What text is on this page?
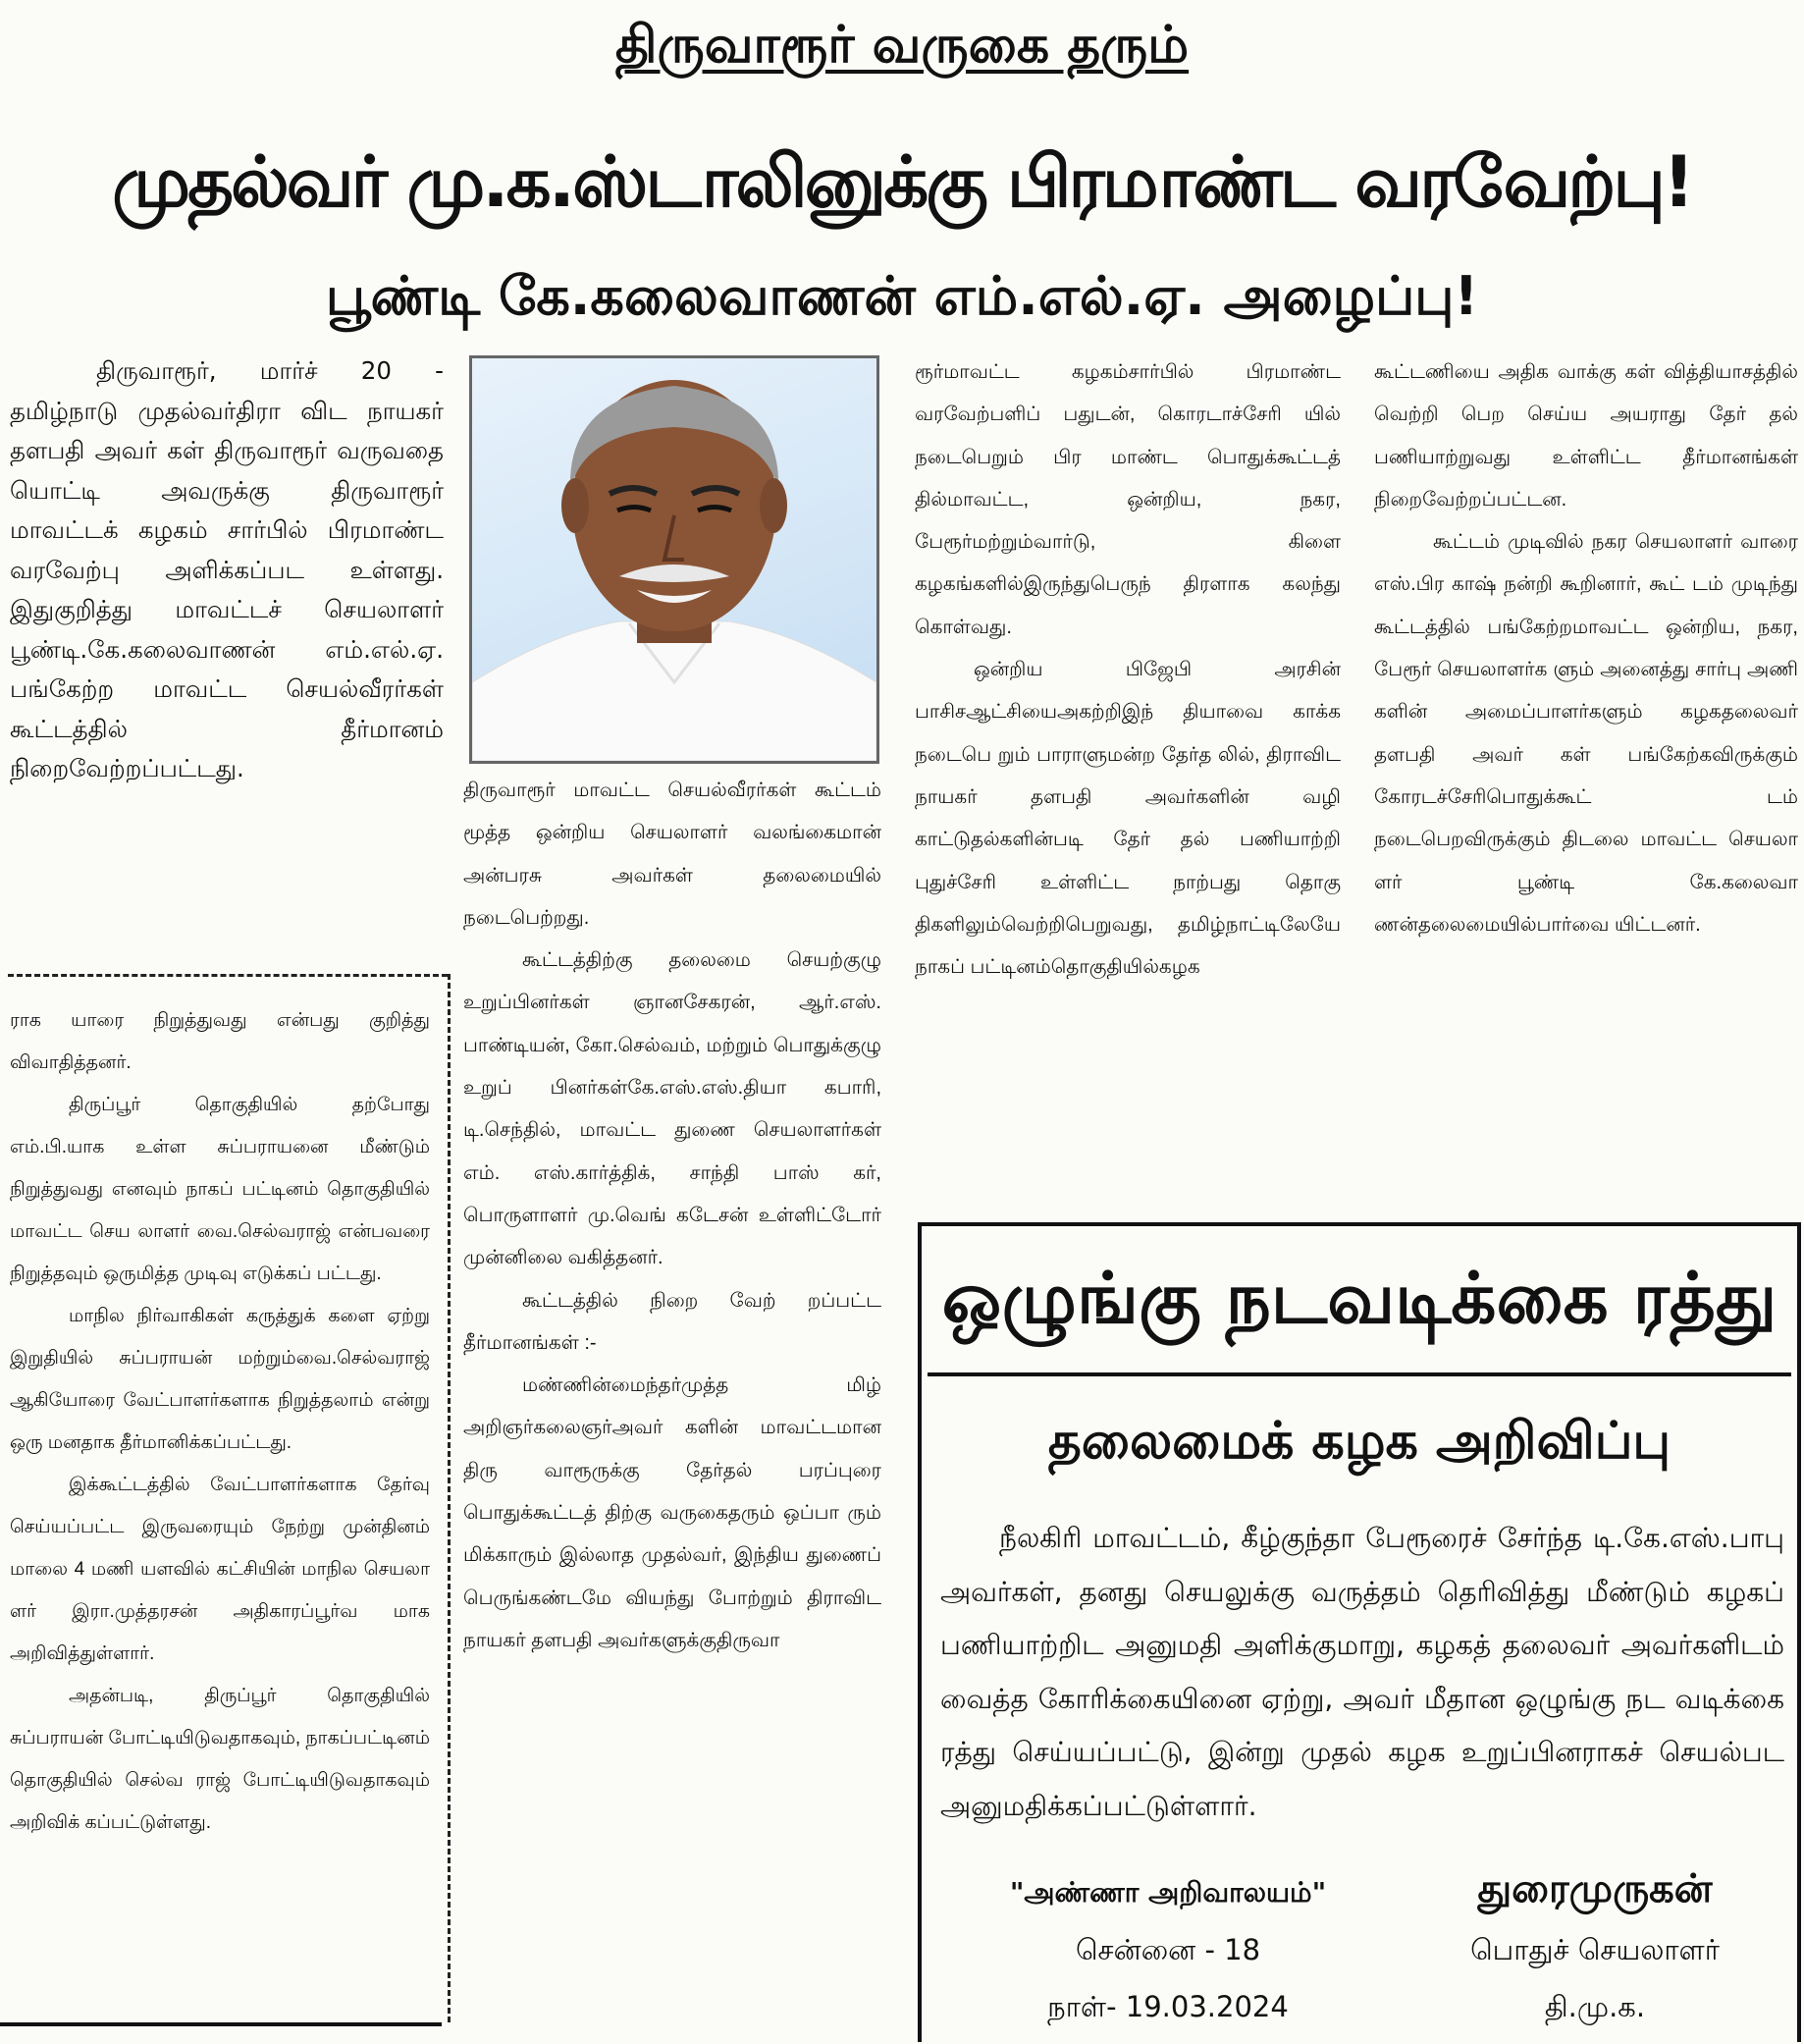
திருவாரூர் வருகை தரும்
முதல்வர் மு.க.ஸ்டாலினுக்கு பிரமாண்ட வரவேற்பு!
பூண்டி கே.கலைவாணன் எம்.எல்.ஏ. அழைப்பு!

திருவாரூர், மார்ச் 20 - தமிழ்நாடு முதல்வர்திரா விட நாயகர் தளபதி அவர் கள் திருவாரூர் வருவதை யொட்டி அவருக்கு திருவாரூர் மாவட்டக் கழகம் சார்பில் பிரமாண்ட வரவேற்பு அளிக்கப்பட உள்ளது. இதுகுறித்து மாவட்டச் செயலாளர் பூண்டி.கே.கலைவாணன் எம்.எல்.ஏ. பங்கேற்ற மாவட்ட செயல்வீரர்கள் கூட்டத்தில் தீர்மானம் நிறைவேற்றப்பட்டது.

திருவாரூர் மாவட்ட செயல்வீரர்கள் கூட்டம் மூத்த ஒன்றிய செயலாளர் வலங்கைமான் அன்பரசு அவர்கள் தலைமையில் நடைபெற்றது.

கூட்டத்திற்கு தலைமை செயற்குழு உறுப்பினர்கள் ஞானசேகரன், ஆர்.எஸ். பாண்டியன், கோ.செல்வம், மற்றும் பொதுக்குழு உறுப் பினர்கள்கே.எஸ்.எஸ்.தியா கபாரி, டி.செந்தில், மாவட்ட துணை செயலாளர்கள் எம். எஸ்.கார்த்திக், சாந்தி பாஸ் கர், பொருளாளர் மு.வெங் கடேசன் உள்ளிட்டோர் முன்னிலை வகித்தனர்.

கூட்டத்தில் நிறை வேற் றப்பட்ட தீர்மானங்கள் :-

மண்ணின்மைந்தர்முத்த மிழ் அறிஞர்கலைஞர்அவர் களின் மாவட்டமான திரு வாரூருக்கு தேர்தல் பரப்புரை பொதுக்கூட்டத் திற்கு வருகைதரும் ஒப்பா ரும் மிக்காரும் இல்லாத முதல்வர், இந்திய துணைப் பெருங்கண்டமே வியந்து போற்றும் திராவிட நாயகர் தளபதி அவர்களுக்குதிருவா

ரூர்மாவட்ட கழகம்சார்பில் பிரமாண்ட வரவேற்பளிப் பதுடன், கொரடாச்சேரி யில் நடைபெறும் பிர மாண்ட பொதுக்கூட்டத் தில்மாவட்ட, ஒன்றிய, நகர, பேரூர்மற்றும்வார்டு, கிளை கழகங்களில்இருந்துபெருந் திரளாக கலந்து கொள்வது.

ஒன்றிய பிஜேபி அரசின் பாசிசஆட்சியைஅகற்றிஇந் தியாவை காக்க நடைபெ றும் பாராளுமன்ற தேர்த லில், திராவிட நாயகர் தளபதி அவர்களின் வழி காட்டுதல்களின்படி தேர் தல் பணியாற்றி புதுச்சேரி உள்ளிட்ட நாற்பது தொகு திகளிலும்வெற்றிபெறுவது, தமிழ்நாட்டிலேயே நாகப் பட்டினம்தொகுதியில்கழக

கூட்டணியை அதிக வாக்கு கள் வித்தியாசத்தில் வெற்றி பெற செய்ய அயராது தேர் தல் பணியாற்றுவது உள்ளிட்ட தீர்மானங்கள் நிறைவேற்றப்பட்டன.

கூட்டம் முடிவில் நகர செயலாளர் வாரை எஸ்.பிர காஷ் நன்றி கூறினார், கூட் டம் முடிந்து கூட்டத்தில் பங்கேற்றமாவட்ட ஒன்றிய, நகர, பேரூர் செயலாளர்க ளும் அனைத்து சார்பு அணி களின் அமைப்பாளர்களும் கழகதலைவர் தளபதி அவர் கள் பங்கேற்கவிருக்கும் கோரடச்சேரிபொதுக்கூட் டம் நடைபெறவிருக்கும் திடலை மாவட்ட செயலா ளர் பூண்டி கே.கலைவா ணன்தலைமையில்பார்வை யிட்டனர்.

ராக யாரை நிறுத்துவது என்பது குறித்து விவாதித்தனர்.

திருப்பூர் தொகுதியில் தற்போது எம்.பி.யாக உள்ள சுப்பராயனை மீண்டும் நிறுத்துவது எனவும் நாகப் பட்டினம் தொகுதியில் மாவட்ட செய லாளர் வை.செல்வராஜ் என்பவரை நிறுத்தவும் ஒருமித்த முடிவு எடுக்கப் பட்டது.

மாநில நிர்வாகிகள் கருத்துக் களை ஏற்று இறுதியில் சுப்பராயன் மற்றும்வை.செல்வராஜ் ஆகியோரை வேட்பாளர்களாக நிறுத்தலாம் என்று ஒரு மனதாக தீர்மானிக்கப்பட்டது.

இக்கூட்டத்தில் வேட்பாளர்களாக தேர்வு செய்யப்பட்ட இருவரையும் நேற்று முன்தினம் மாலை 4 மணி யளவில் கட்சியின் மாநில செயலா ளர் இரா.முத்தரசன் அதிகாரப்பூர்வ மாக அறிவித்துள்ளார்.

அதன்படி, திருப்பூர் தொகுதியில் சுப்பராயன் போட்டியிடுவதாகவும், நாகப்பட்டினம் தொகுதியில் செல்வ ராஜ் போட்டியிடுவதாகவும் அறிவிக் கப்பட்டுள்ளது.

ஒழுங்கு நடவடிக்கை ரத்து
தலைமைக் கழக அறிவிப்பு

நீலகிரி மாவட்டம், கீழ்குந்தா பேரூரைச் சேர்ந்த டி.கே.எஸ்.பாபு அவர்கள், தனது செயலுக்கு வருத்தம் தெரிவித்து மீண்டும் கழகப் பணியாற்றிட அனுமதி அளிக்குமாறு, கழகத் தலைவர் அவர்களிடம் வைத்த கோரிக்கையினை ஏற்று, அவர் மீதான ஒழுங்கு நட வடிக்கை ரத்து செய்யப்பட்டு, இன்று முதல் கழக உறுப்பினராகச் செயல்பட அனுமதிக்கப்பட்டுள்ளார்.

"அண்ணா அறிவாலயம்"
சென்னை - 18
நாள்- 19.03.2024
துரைமுருகன்
பொதுச் செயலாளர்
தி.மு.க.
